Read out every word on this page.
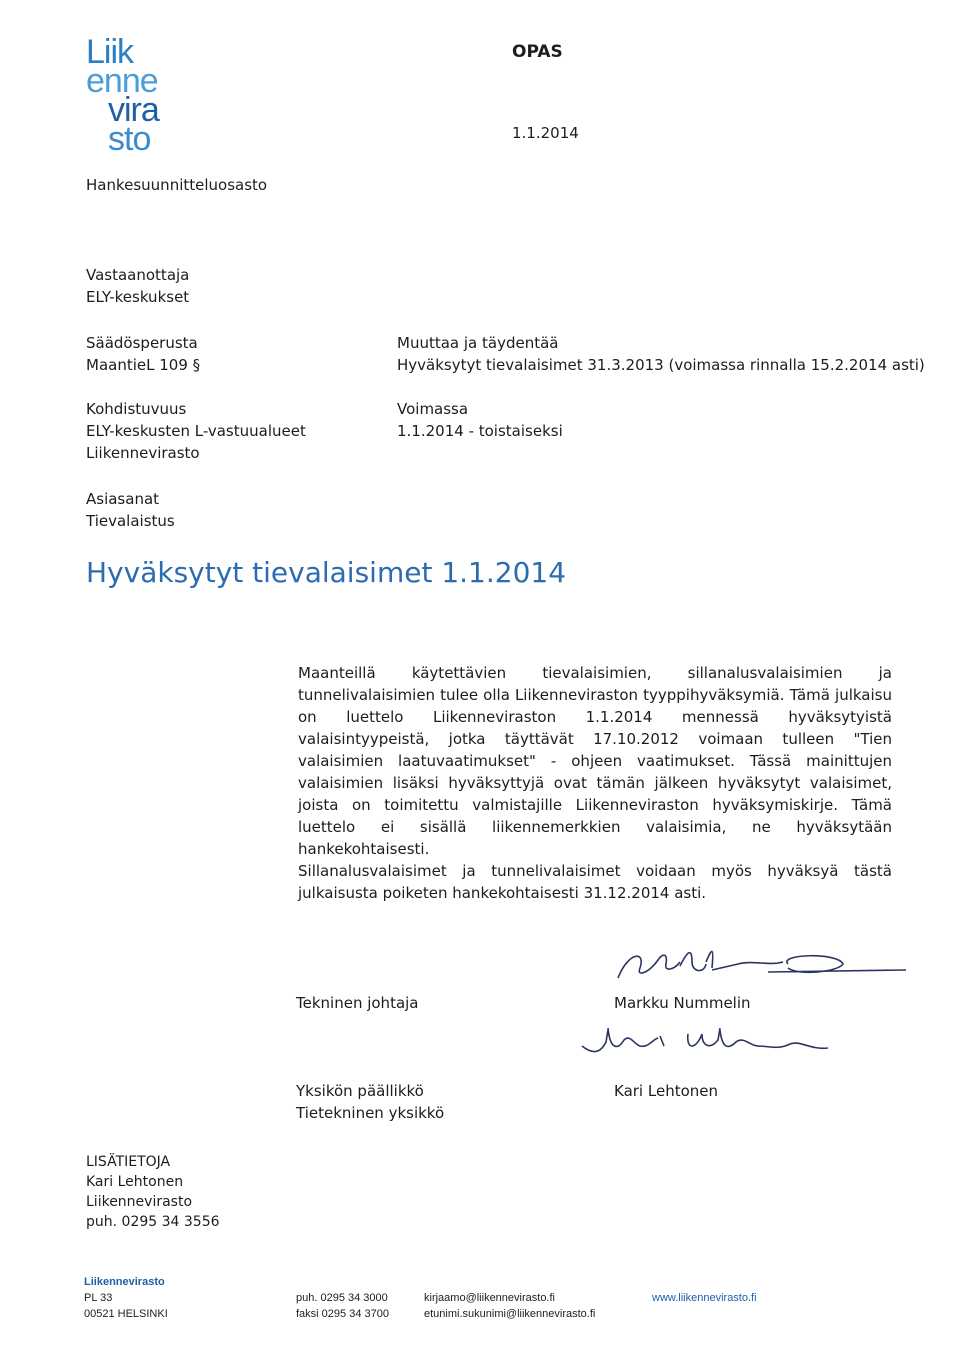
Liik
enne
vira
sto
OPAS
1.1.2014
Hankesuunnitteluosasto
Vastaanottaja
ELY-keskukset
Säädösperusta
MaantieL 109 §
Muuttaa ja täydentää
Hyväksytyt tievalaisimet 31.3.2013 (voimassa rinnalla 15.2.2014 asti)
Kohdistuvuus
ELY-keskusten L-vastuualueet
Liikennevirasto
Voimassa
1.1.2014 - toistaiseksi
Asiasanat
Tievalaistus
Hyväksytyt tievalaisimet 1.1.2014
Maanteillä käytettävien tievalaisimien, sillanalusvalaisimien ja tunnelivalaisimien tulee olla Liikenneviraston tyyppihyväksymiä. Tämä julkaisu on luettelo Liikenneviraston 1.1.2014 mennessä hyväksytyistä valaisintyypeistä, jotka täyttävät 17.10.2012 voimaan tulleen "Tien valaisimien laatuvaatimukset" - ohjeen vaatimukset. Tässä mainittujen valaisimien lisäksi hyväksyttyjä ovat tämän jälkeen hyväksytyt valaisimet, joista on toimitettu valmistajille Liikenneviraston hyväksymiskirje. Tämä luettelo ei sisällä liikennemerkkien valaisimia, ne hyväksytään hankekohtaisesti.
Sillanalusvalaisimet ja tunnelivalaisimet voidaan myös hyväksyä tästä julkaisusta poiketen hankekohtaisesti 31.12.2014 asti.
Tekninen johtaja	Markku Nummelin
Yksikön päällikkö
Tietekninen yksikkö
Kari Lehtonen
LISÄTIETOJA
Kari Lehtonen
Liikennevirasto
puh. 0295 34 3556
Liikennevirasto
PL 33
00521 HELSINKI
puh. 0295 34 3000
faksi 0295 34 3700
kirjaamo@liikennevirasto.fi
etunimi.sukunimi@liikennevirasto.fi
www.liikennevirasto.fi
